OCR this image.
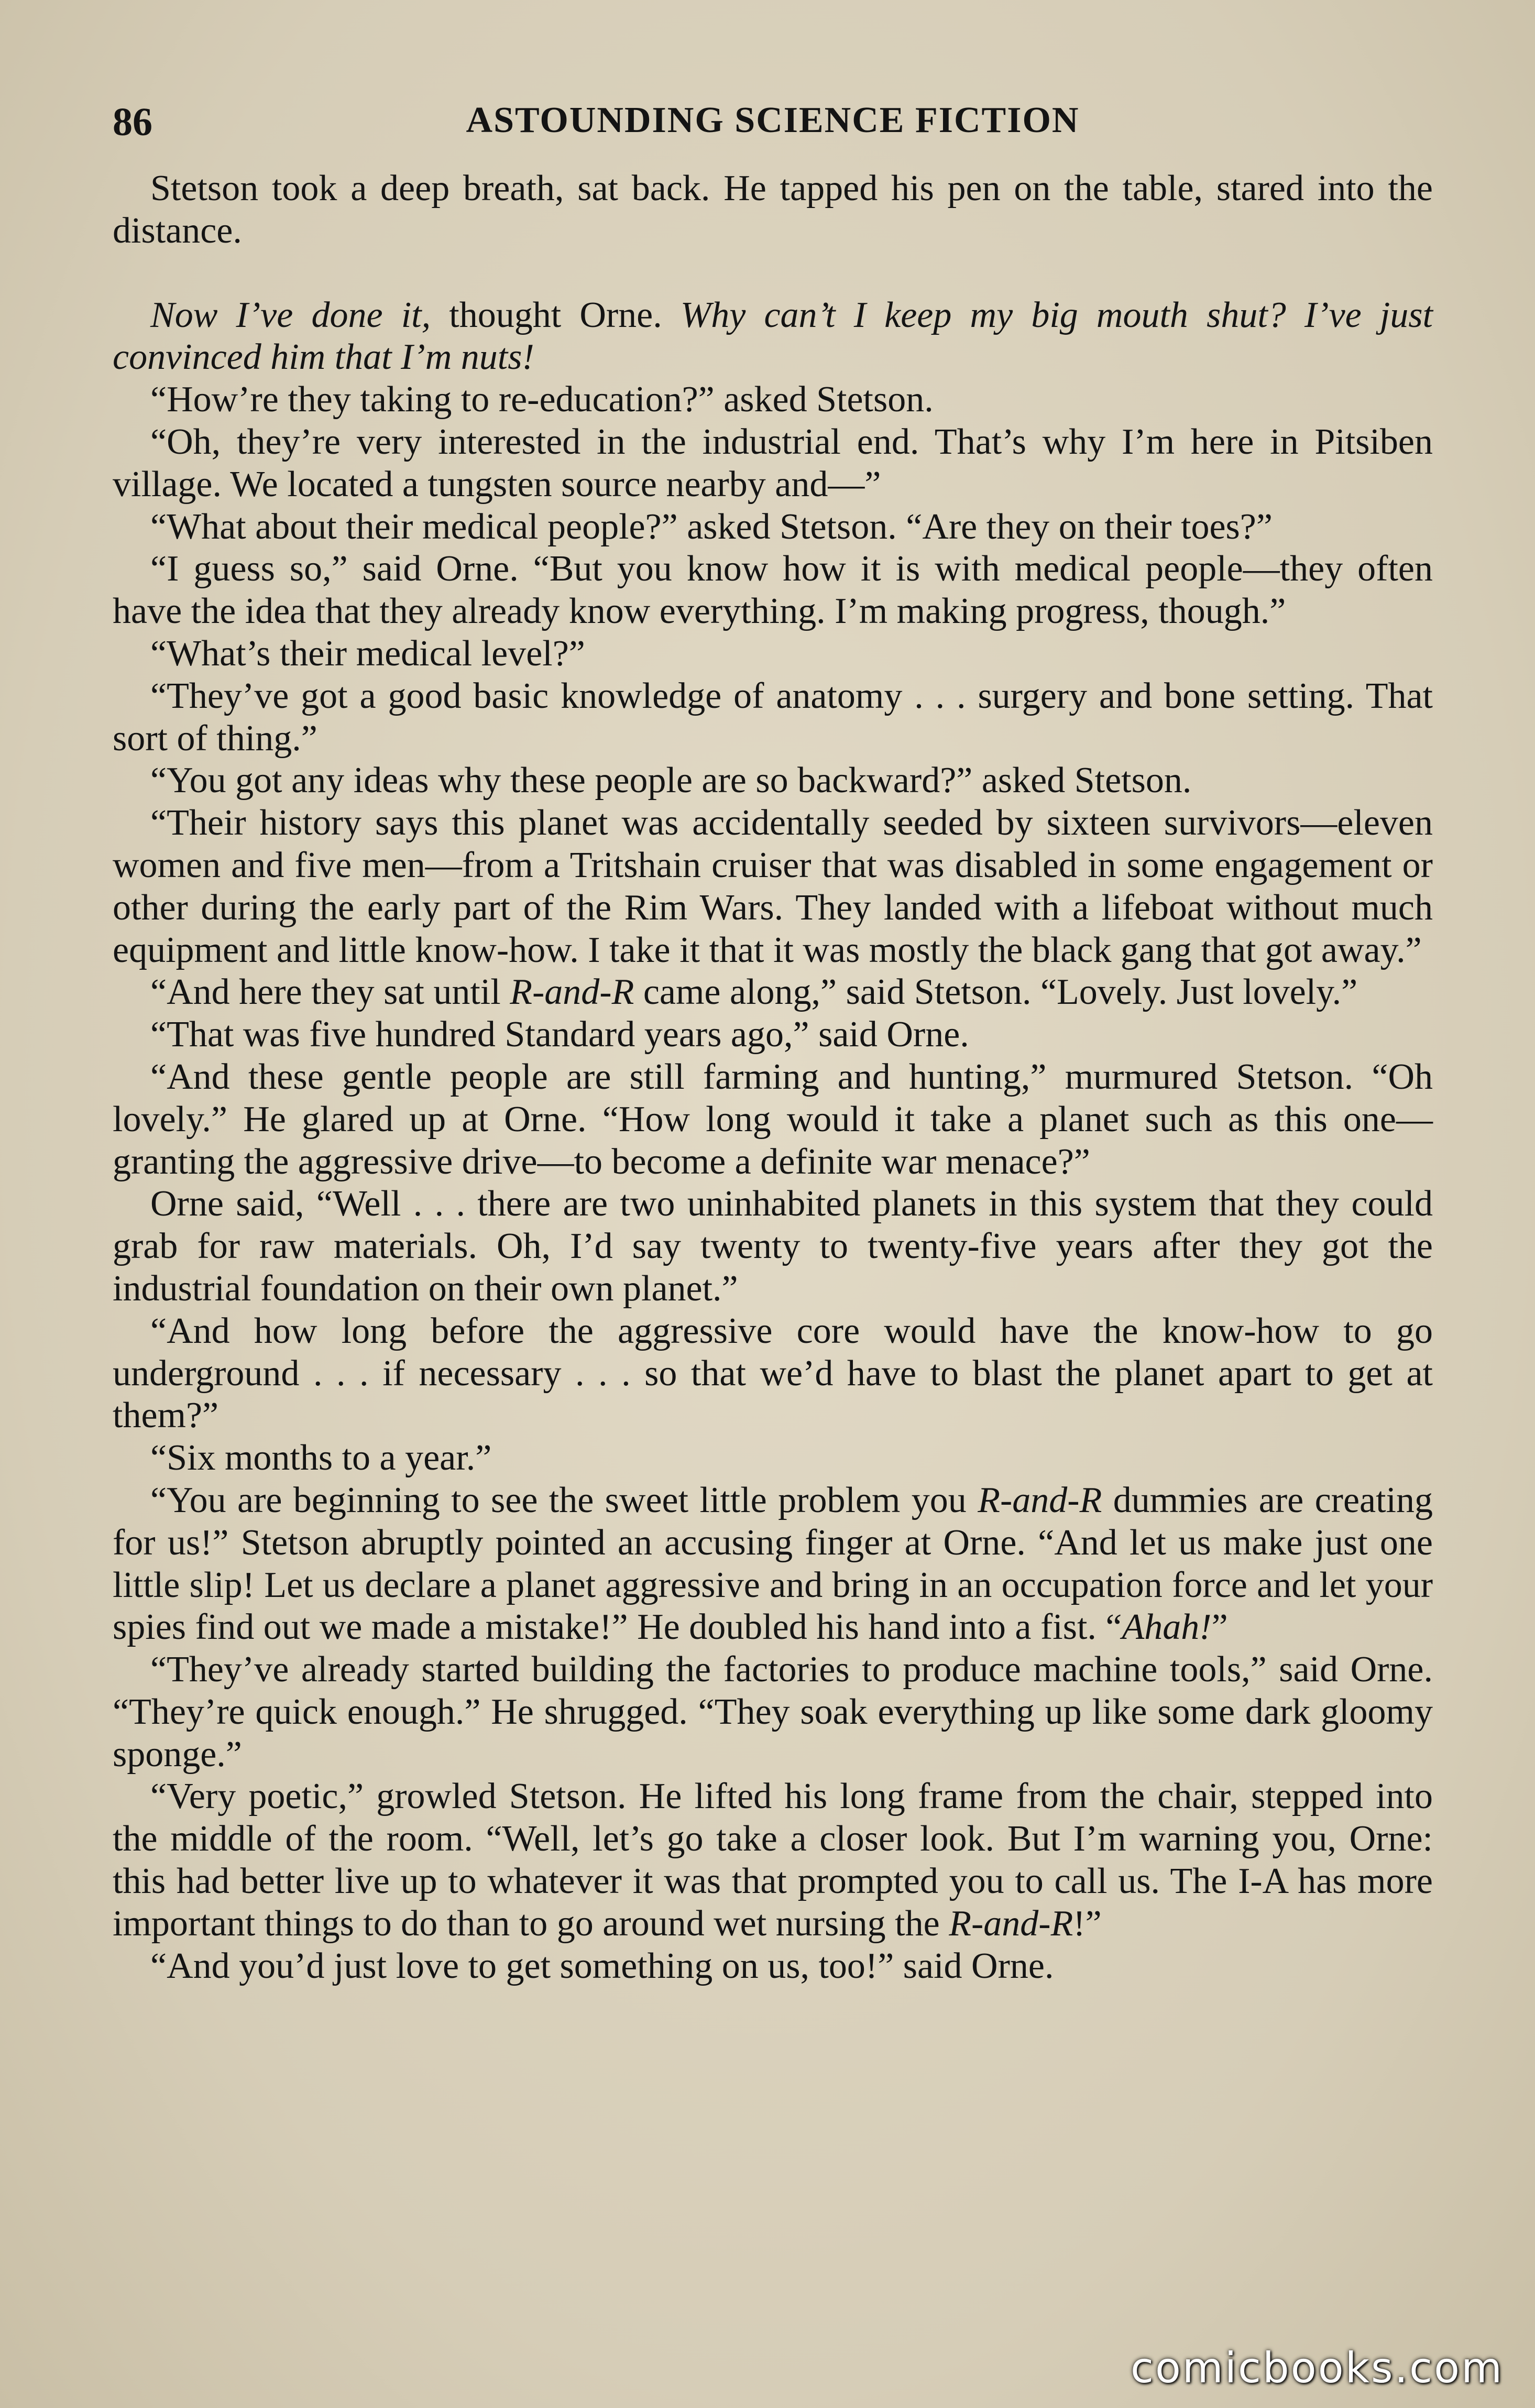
86	ASTOUNDING SCIENCE FICTION

Stetson took a deep breath, sat back. He tapped his pen on the table, stared into the distance.

Now I’ve done it, thought Orne. Why can’t I keep my big mouth shut? I’ve just convinced him that I’m nuts!

“How’re they taking to re-education?” asked Stetson.

“Oh, they’re very interested in the industrial end. That’s why I’m here in Pitsiben village. We located a tungsten source nearby and—”

“What about their medical people?” asked Stetson. “Are they on their toes?”

“I guess so,” said Orne. “But you know how it is with medical people—they often have the idea that they already know everything. I’m making progress, though.”

“What’s their medical level?”

“They’ve got a good basic knowledge of anatomy . . . surgery and bone setting. That sort of thing.”

“You got any ideas why these people are so backward?” asked Stetson.

“Their history says this planet was accidentally seeded by sixteen survivors—eleven women and five men—from a Tritshain cruiser that was disabled in some engagement or other during the early part of the Rim Wars. They landed with a lifeboat without much equipment and little know-how. I take it that it was mostly the black gang that got away.”

“And here they sat until R-and-R came along,” said Stetson. “Lovely. Just lovely.”

“That was five hundred Standard years ago,” said Orne.

“And these gentle people are still farming and hunting,” murmured Stetson. “Oh lovely.” He glared up at Orne. “How long would it take a planet such as this one—granting the aggressive drive—to become a definite war menace?”

Orne said, “Well . . . there are two uninhabited planets in this system that they could grab for raw materials. Oh, I’d say twenty to twenty-five years after they got the industrial foundation on their own planet.”

“And how long before the aggressive core would have the know-how to go underground . . . if necessary . . . so that we’d have to blast the planet apart to get at them?”

“Six months to a year.”

“You are beginning to see the sweet little problem you R-and-R dummies are creating for us!” Stetson abruptly pointed an accusing finger at Orne. “And let us make just one little slip! Let us declare a planet aggressive and bring in an occupation force and let your spies find out we made a mistake!” He doubled his hand into a fist. “Ahah!”

“They’ve already started building the factories to produce machine tools,” said Orne. “They’re quick enough.” He shrugged. “They soak everything up like some dark gloomy sponge.”

“Very poetic,” growled Stetson. He lifted his long frame from the chair, stepped into the middle of the room. “Well, let’s go take a closer look. But I’m warning you, Orne: this had better live up to whatever it was that prompted you to call us. The I-A has more important things to do than to go around wet nursing the R-and-R!”

“And you’d just love to get something on us, too!” said Orne.

comicbooks.com
